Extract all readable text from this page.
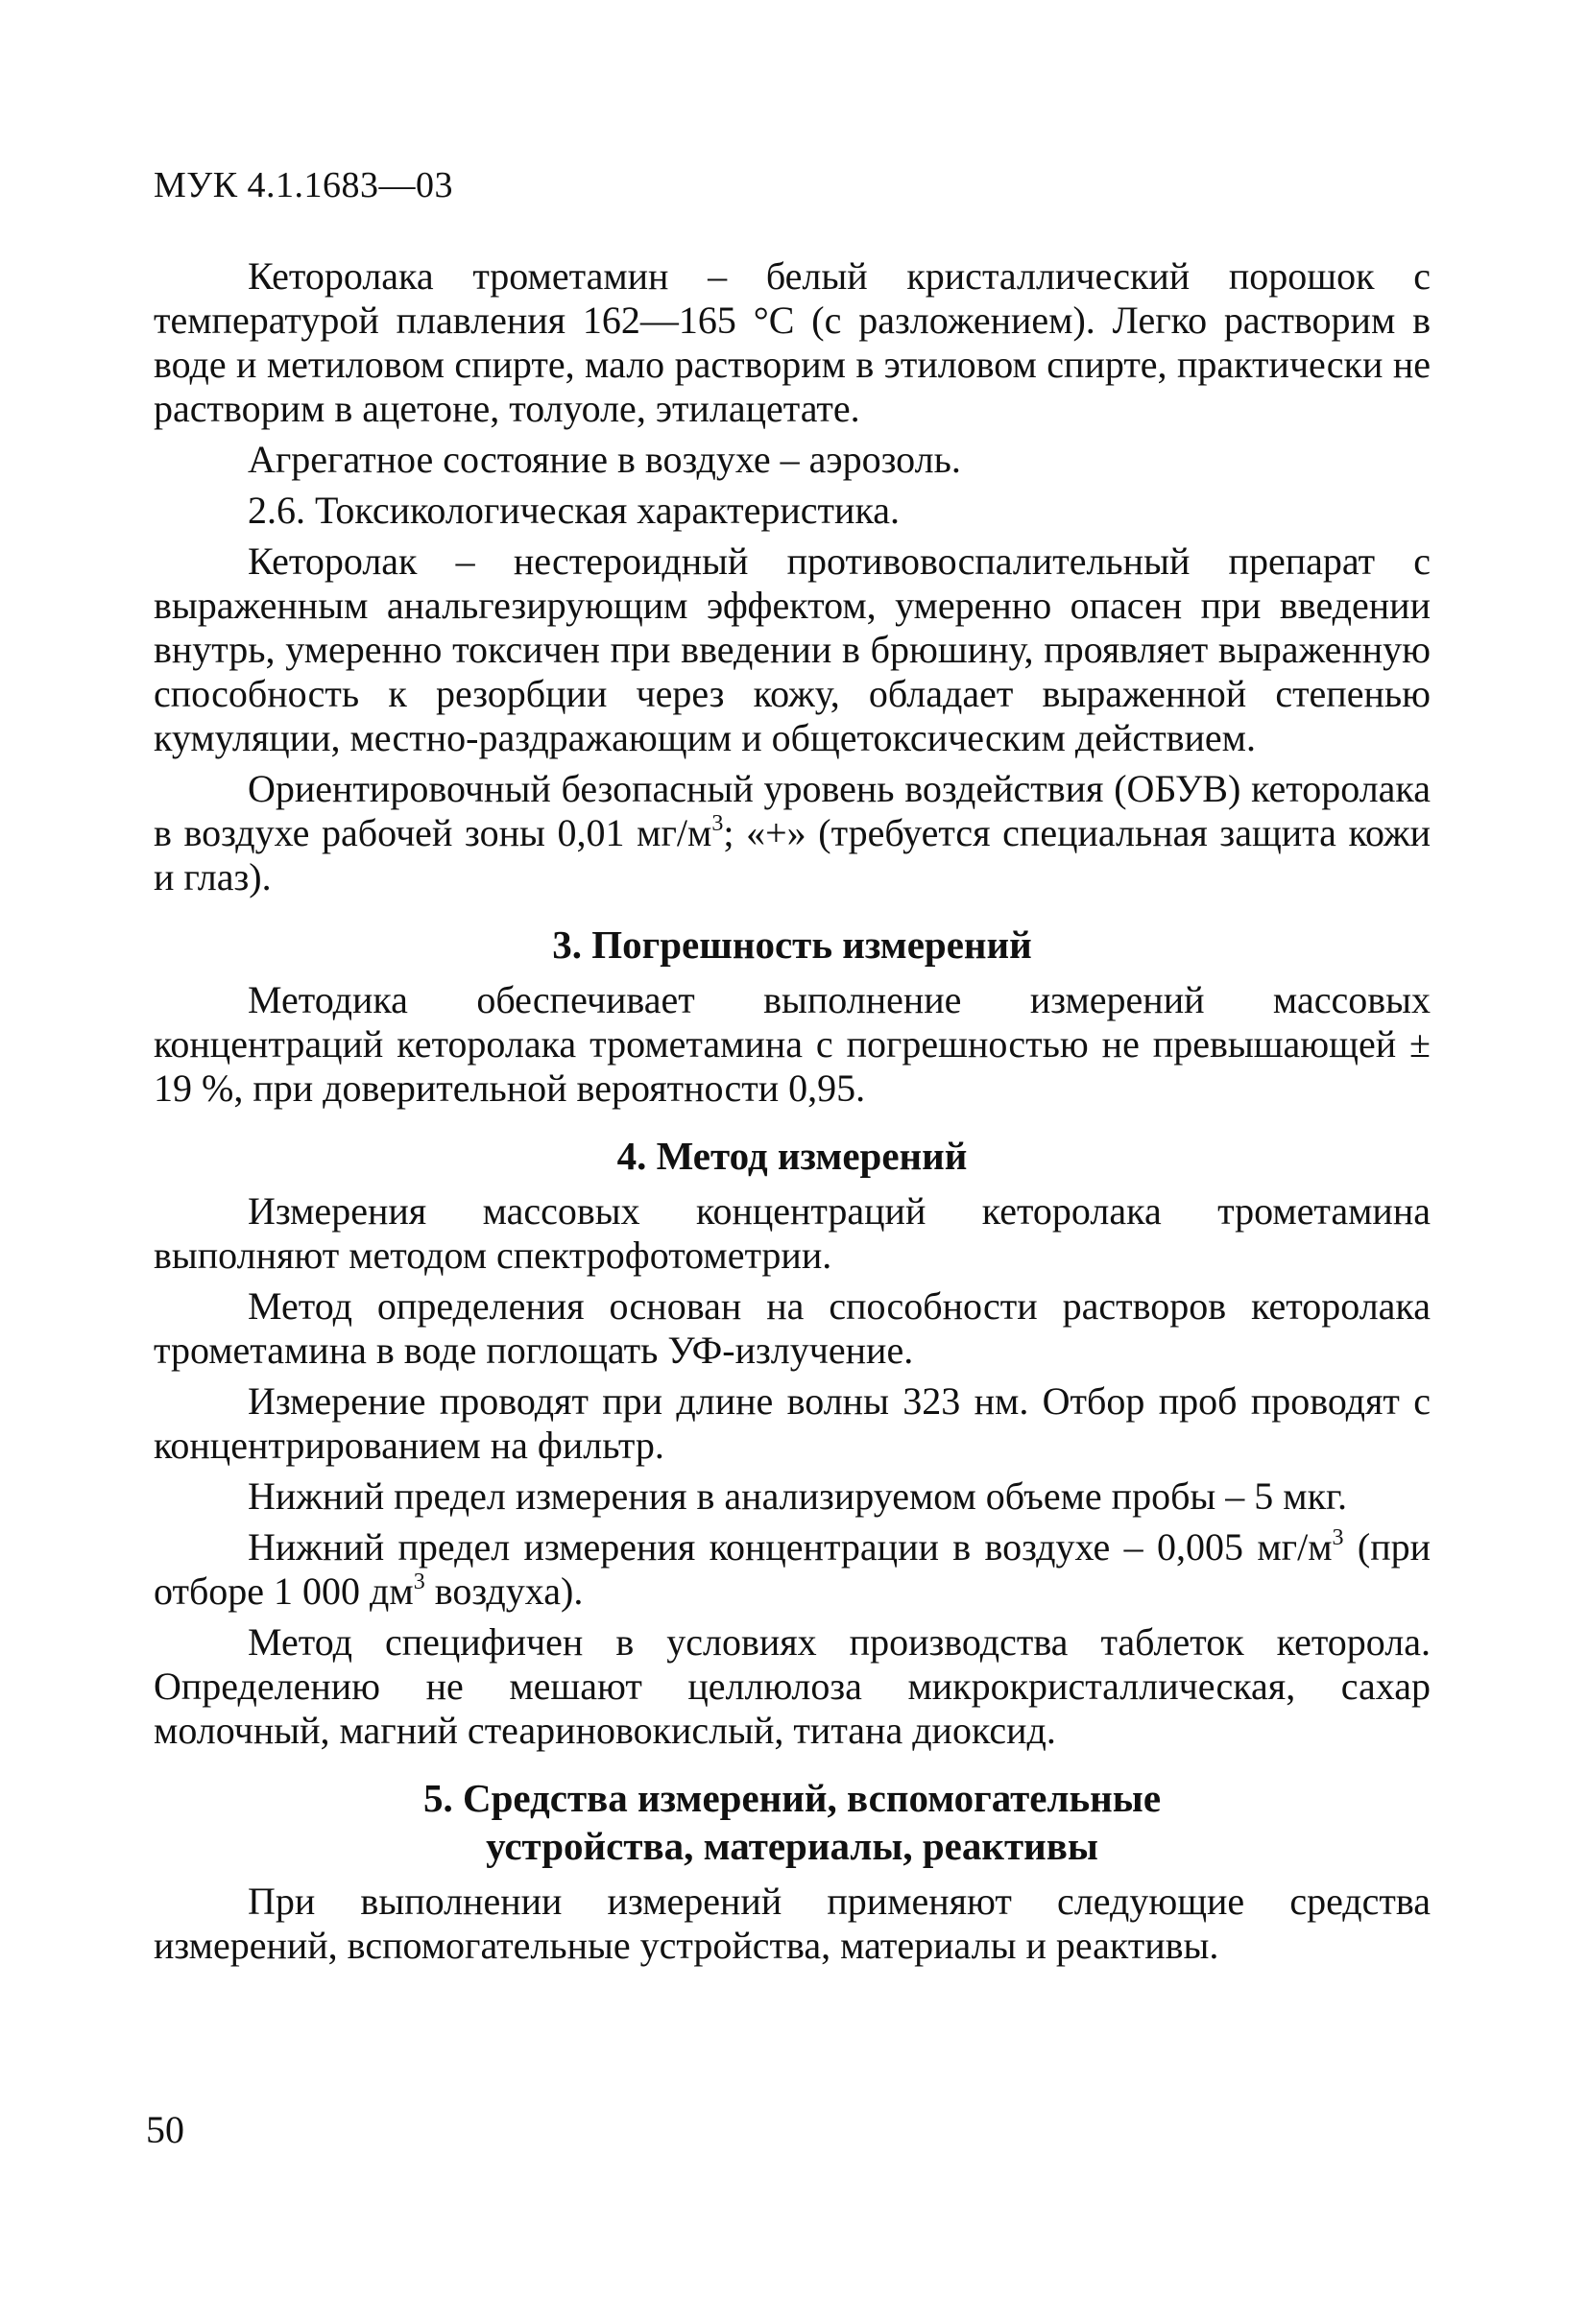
МУК 4.1.1683—03

Кеторолака трометамин – белый кристаллический порошок с температурой плавления 162—165 °С (с разложением). Легко растворим в воде и метиловом спирте, мало растворим в этиловом спирте, практически не растворим в ацетоне, толуоле, этилацетате.

Агрегатное состояние в воздухе – аэрозоль.

2.6. Токсикологическая характеристика.

Кеторолак – нестероидный противовоспалительный препарат с выраженным анальгезирующим эффектом, умеренно опасен при введении внутрь, умеренно токсичен при введении в брюшину, проявляет выраженную способность к резорбции через кожу, обладает выраженной степенью кумуляции, местно-раздражающим и общетоксическим действием.

Ориентировочный безопасный уровень воздействия (ОБУВ) кеторолака в воздухе рабочей зоны 0,01 $мг/м^3$; «+» (требуется специальная защита кожи и глаз).

3. Погрешность измерений

Методика обеспечивает выполнение измерений массовых концентраций кеторолака трометамина с погрешностью не превышающей ± 19 %, при доверительной вероятности 0,95.

4. Метод измерений

Измерения массовых концентраций кеторолака трометамина выполняют методом спектрофотометрии.

Метод определения основан на способности растворов кеторолака трометамина в воде поглощать УФ-излучение.

Измерение проводят при длине волны 323 нм. Отбор проб проводят с концентрированием на фильтр.

Нижний предел измерения в анализируемом объеме пробы – 5 мкг.

Нижний предел измерения концентрации в воздухе – 0,005 $мг/м^3$ (при отборе 1 000 $дм^3$ воздуха).

Метод специфичен в условиях производства таблеток кеторола. Определению не мешают целлюлоза микрокристаллическая, сахар молочный, магний стеариновокислый, титана диоксид.

5. Средства измерений, вспомогательные
устройства, материалы, реактивы

При выполнении измерений применяют следующие средства измерений, вспомогательные устройства, материалы и реактивы.

50
